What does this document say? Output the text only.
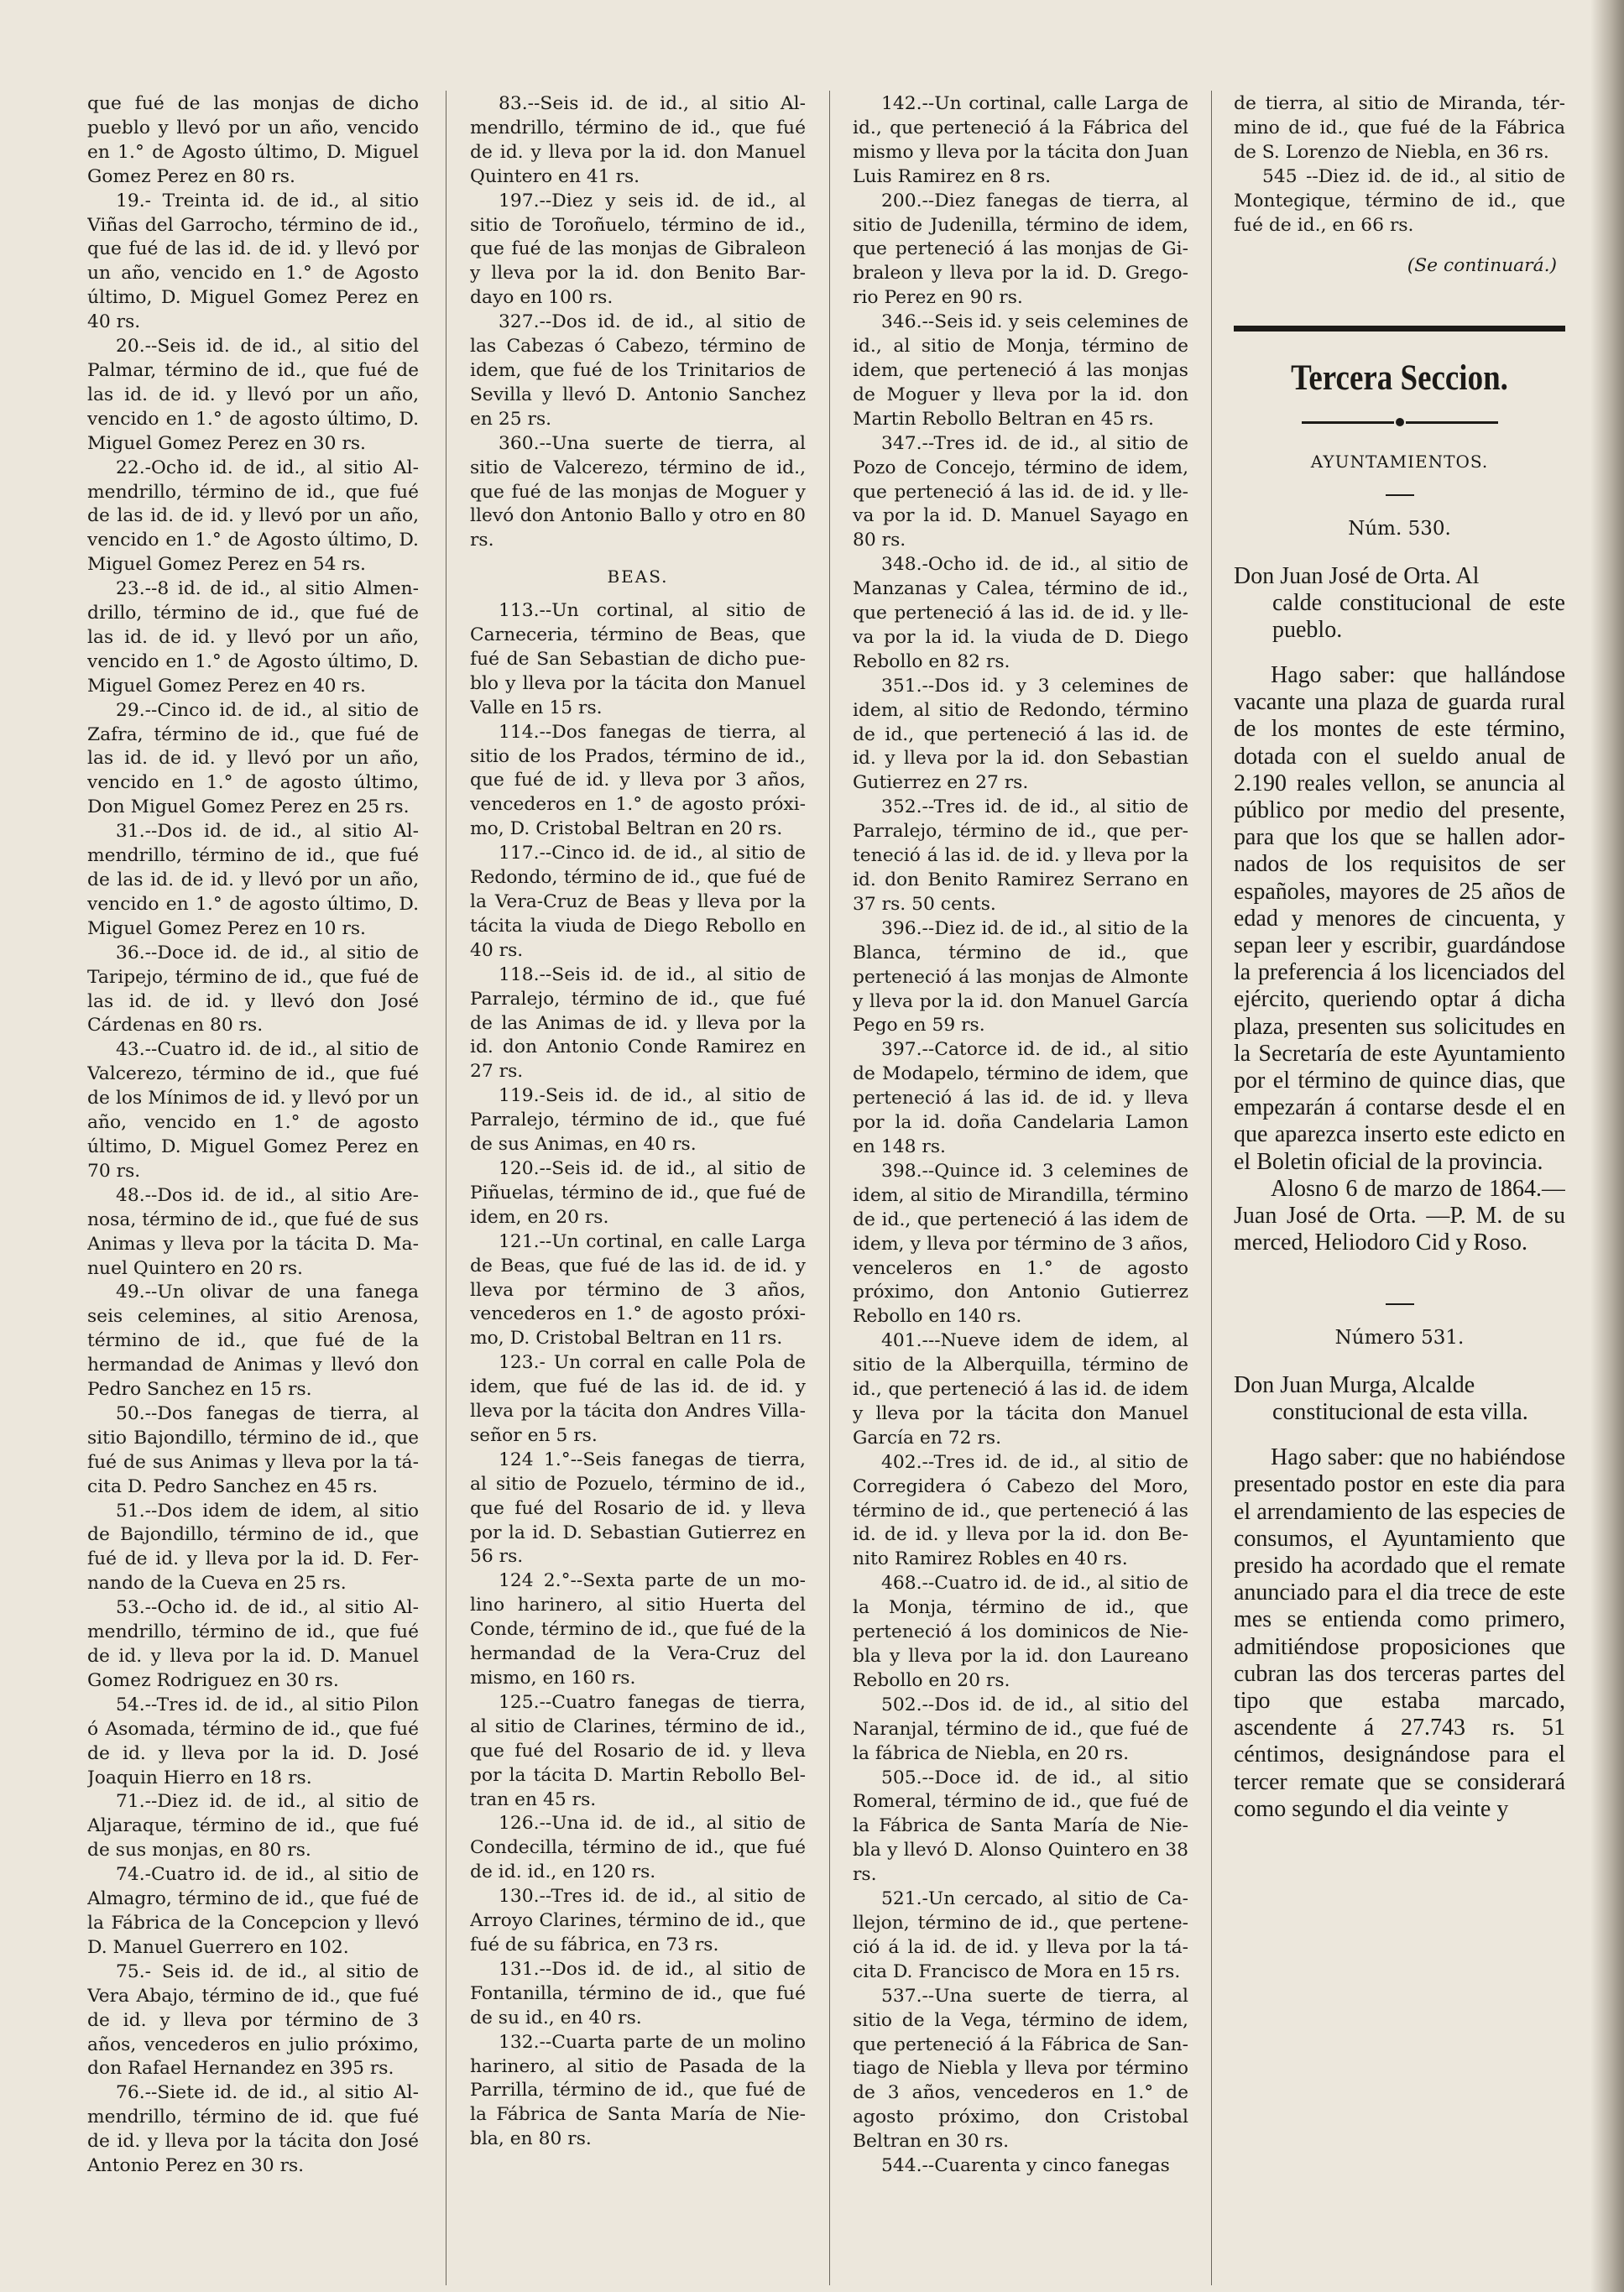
que fué de las monjas de dicho pueblo y llevó por un año, vencido en 1.° de Agosto último, D. Miguel Gomez Perez en 80 rs.

19.- Treinta id. de id., al sitio Viñas del Garrocho, término de id., que fué de las id. de id. y llevó por un año, vencido en 1.° de Agosto último, D. Miguel Gomez Perez en 40 rs.

20.--Seis id. de id., al sitio del Palmar, término de id., que fué de las id. de id. y llevó por un año, vencido en 1.° de agosto último, D. Miguel Gomez Perez en 30 rs.

22.-Ocho id. de id., al sitio Almendrillo, término de id., que fué de las id. de id. y llevó por un año, vencido en 1.° de Agosto último, D. Miguel Gomez Perez en 54 rs.

23.--8 id. de id., al sitio Almendrillo, término de id., que fué de las id. de id. y llevó por un año, vencido en 1.° de Agosto último, D. Miguel Gomez Perez en 40 rs.

29.--Cinco id. de id., al sitio de Zafra, término de id., que fué de las id. de id. y llevó por un año, vencido en 1.° de agosto último, Don Miguel Gomez Perez en 25 rs.

31.--Dos id. de id., al sitio Almendrillo, término de id., que fué de las id. de id. y llevó por un año, vencido en 1.° de agosto último, D. Miguel Gomez Perez en 10 rs.

36.--Doce id. de id., al sitio de Taripejo, término de id., que fué de las id. de id. y llevó don José Cárdenas en 80 rs.

43.--Cuatro id. de id., al sitio de Valcerezo, término de id., que fué de los Mínimos de id. y llevó por un año, vencido en 1.° de agosto último, D. Miguel Gomez Perez en 70 rs.

48.--Dos id. de id., al sitio Arenosa, término de id., que fué de sus Animas y lleva por la tácita D. Manuel Quintero en 20 rs.

49.--Un olivar de una fanega seis celemines, al sitio Arenosa, término de id., que fué de la hermandad de Animas y llevó don Pedro Sanchez en 15 rs.

50.--Dos fanegas de tierra, al sitio Bajondillo, término de id., que fué de sus Animas y lleva por la tácita D. Pedro Sanchez en 45 rs.

51.--Dos idem de idem, al sitio de Bajondillo, término de id., que fué de id. y lleva por la id. D. Fernando de la Cueva en 25 rs.

53.--Ocho id. de id., al sitio Almendrillo, término de id., que fué de id. y lleva por la id. D. Manuel Gomez Rodriguez en 30 rs.

54.--Tres id. de id., al sitio Pilon ó Asomada, término de id., que fué de id. y lleva por la id. D. José Joaquin Hierro en 18 rs.

71.--Diez id. de id., al sitio de Aljaraque, término de id., que fué de sus monjas, en 80 rs.

74.-Cuatro id. de id., al sitio de Almagro, término de id., que fué de la Fábrica de la Concepcion y llevó D. Manuel Guerrero en 102.

75.- Seis id. de id., al sitio de Vera Abajo, término de id., que fué de id. y lleva por término de 3 años, vencederos en julio próximo, don Rafael Hernandez en 395 rs.

76.--Siete id. de id., al sitio Almendrillo, término de id. que fué de id. y lleva por la tácita don José Antonio Perez en 30 rs.

83.--Seis id. de id., al sitio Almendrillo, término de id., que fué de id. y lleva por la id. don Manuel Quintero en 41 rs.

197.--Diez y seis id. de id., al sitio de Toroñuelo, término de id., que fué de las monjas de Gibraleon y lleva por la id. don Benito Bardayo en 100 rs.

327.--Dos id. de id., al sitio de las Cabezas ó Cabezo, término de idem, que fué de los Trinitarios de Sevilla y llevó D. Antonio Sanchez en 25 rs.

360.--Una suerte de tierra, al sitio de Valcerezo, término de id., que fué de las monjas de Moguer y llevó don Antonio Ballo y otro en 80 rs.

BEAS.

113.--Un cortinal, al sitio de Carneceria, término de Beas, que fué de San Sebastian de dicho pueblo y lleva por la tácita don Manuel Valle en 15 rs.

114.--Dos fanegas de tierra, al sitio de los Prados, término de id., que fué de id. y lleva por 3 años, vencederos en 1.° de agosto próximo, D. Cristobal Beltran en 20 rs.

117.--Cinco id. de id., al sitio de Redondo, término de id., que fué de la Vera-Cruz de Beas y lleva por la tácita la viuda de Diego Rebollo en 40 rs.

118.--Seis id. de id., al sitio de Parralejo, término de id., que fué de las Animas de id. y lleva por la id. don Antonio Conde Ramirez en 27 rs.

119.-Seis id. de id., al sitio de Parralejo, término de id., que fué de sus Animas, en 40 rs.

120.--Seis id. de id., al sitio de Piñuelas, término de id., que fué de idem, en 20 rs.

121.--Un cortinal, en calle Larga de Beas, que fué de las id. de id. y lleva por término de 3 años, vencederos en 1.° de agosto próximo, D. Cristobal Beltran en 11 rs.

123.- Un corral en calle Pola de idem, que fué de las id. de id. y lleva por la tácita don Andres Villaseñor en 5 rs.

124 1.°--Seis fanegas de tierra, al sitio de Pozuelo, término de id., que fué del Rosario de id. y lleva por la id. D. Sebastian Gutierrez en 56 rs.

124 2.°--Sexta parte de un molino harinero, al sitio Huerta del Conde, término de id., que fué de la hermandad de la Vera-Cruz del mismo, en 160 rs.

125.--Cuatro fanegas de tierra, al sitio de Clarines, término de id., que fué del Rosario de id. y lleva por la tácita D. Martin Rebollo Beltran en 45 rs.

126.--Una id. de id., al sitio de Condecilla, término de id., que fué de id. id., en 120 rs.

130.--Tres id. de id., al sitio de Arroyo Clarines, término de id., que fué de su fábrica, en 73 rs.

131.--Dos id. de id., al sitio de Fontanilla, término de id., que fué de su id., en 40 rs.

132.--Cuarta parte de un molino harinero, al sitio de Pasada de la Parrilla, término de id., que fué de la Fábrica de Santa María de Niebla, en 80 rs.

142.--Un cortinal, calle Larga de id., que perteneció á la Fábrica del mismo y lleva por la tácita don Juan Luis Ramirez en 8 rs.

200.--Diez fanegas de tierra, al sitio de Judenilla, término de idem, que perteneció á las monjas de Gibraleon y lleva por la id. D. Gregorio Perez en 90 rs.

346.--Seis id. y seis celemines de id., al sitio de Monja, término de idem, que perteneció á las monjas de Moguer y lleva por la id. don Martin Rebollo Beltran en 45 rs.

347.--Tres id. de id., al sitio de Pozo de Concejo, término de idem, que perteneció á las id. de id. y lleva por la id. D. Manuel Sayago en 80 rs.

348.-Ocho id. de id., al sitio de Manzanas y Calea, término de id., que perteneció á las id. de id. y lleva por la id. la viuda de D. Diego Rebollo en 82 rs.

351.--Dos id. y 3 celemines de idem, al sitio de Redondo, término de id., que perteneció á las id. de id. y lleva por la id. don Sebastian Gutierrez en 27 rs.

352.--Tres id. de id., al sitio de Parralejo, término de id., que perteneció á las id. de id. y lleva por la id. don Benito Ramirez Serrano en 37 rs. 50 cents.

396.--Diez id. de id., al sitio de la Blanca, término de id., que perteneció á las monjas de Almonte y lleva por la id. don Manuel García Pego en 59 rs.

397.--Catorce id. de id., al sitio de Modapelo, término de idem, que perteneció á las id. de id. y lleva por la id. doña Candelaria Lamon en 148 rs.

398.--Quince id. 3 celemines de idem, al sitio de Mirandilla, término de id., que perteneció á las idem de idem, y lleva por término de 3 años, venceleros en 1.° de agosto próximo, don Antonio Gutierrez Rebollo en 140 rs.

401.---Nueve idem de idem, al sitio de la Alberquilla, término de id., que perteneció á las id. de idem y lleva por la tácita don Manuel García en 72 rs.

402.--Tres id. de id., al sitio de Corregidera ó Cabezo del Moro, término de id., que perteneció á las id. de id. y lleva por la id. don Benito Ramirez Robles en 40 rs.

468.--Cuatro id. de id., al sitio de la Monja, término de id., que perteneció á los dominicos de Niebla y lleva por la id. don Laureano Rebollo en 20 rs.

502.--Dos id. de id., al sitio del Naranjal, término de id., que fué de la fábrica de Niebla, en 20 rs.

505.--Doce id. de id., al sitio Romeral, término de id., que fué de la Fábrica de Santa María de Niebla y llevó D. Alonso Quintero en 38 rs.

521.-Un cercado, al sitio de Callejon, término de id., que perteneció á la id. de id. y lleva por la tácita D. Francisco de Mora en 15 rs.

537.--Una suerte de tierra, al sitio de la Vega, término de idem, que perteneció á la Fábrica de Santiago de Niebla y lleva por término de 3 años, vencederos en 1.° de agosto próximo, don Cristobal Beltran en 30 rs.

544.--Cuarenta y cinco fanegas

de tierra, al sitio de Miranda, término de id., que fué de la Fábrica de S. Lorenzo de Niebla, en 36 rs.

545 --Diez id. de id., al sitio de Montegique, término de id., que fué de id., en 66 rs.

(Se continuará.)
Tercera Seccion.
AYUNTAMIENTOS.
Núm. 530.
Don Juan José de Orta. Al
calde constitucional de este pueblo.

Hago saber: que hallándose vacante una plaza de guarda rural de los montes de este término, dotada con el sueldo anual de 2.190 reales vellon, se anuncia al público por medio del presente, para que los que se hallen adornados de los requisitos de ser españoles, mayores de 25 años de edad y menores de cincuenta, y sepan leer y escribir, guardándose la preferencia á los licenciados del ejército, queriendo optar á dicha plaza, presenten sus solicitudes en la Secretaría de este Ayuntamiento por el término de quince dias, que empezarán á contarse desde el en que aparezca inserto este edicto en el Boletin oficial de la provincia.

Alosno 6 de marzo de 1864.—Juan José de Orta. —P. M. de su merced, Heliodoro Cid y Roso.

Número 531.
Don Juan Murga, Alcalde
constitucional de esta villa.

Hago saber: que no habiéndose presentado postor en este dia para el arrendamiento de las especies de consumos, el Ayuntamiento que presido ha acordado que el remate anunciado para el dia trece de este mes se entienda como primero, admitiéndose proposiciones que cubran las dos terceras partes del tipo que estaba marcado, ascendente á 27.743 rs. 51 céntimos, designándose para el tercer remate que se considerará como segundo el dia veinte y
